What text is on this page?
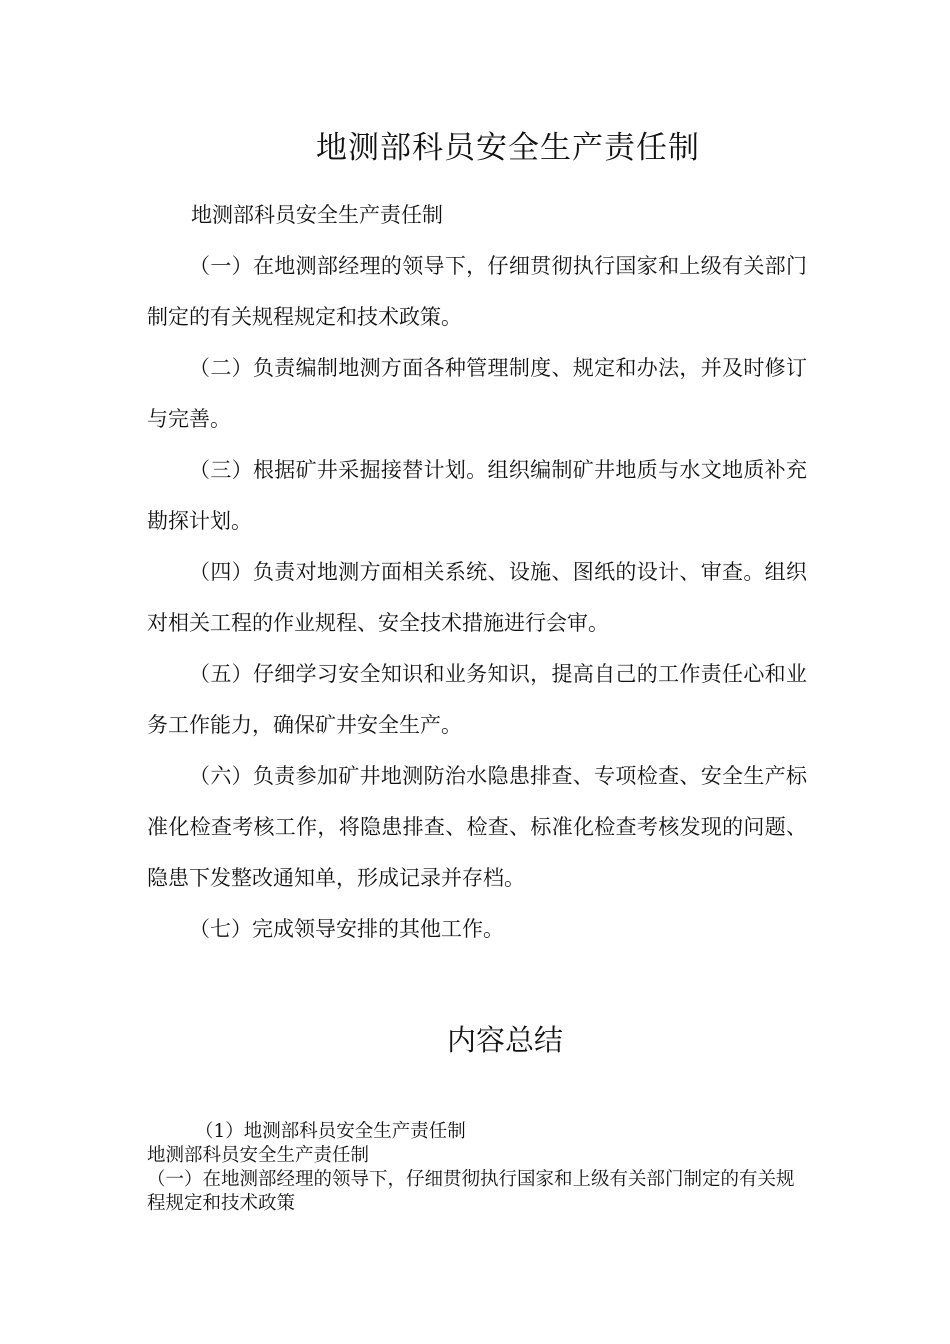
地测部科员安全生产责任制

地测部科员安全生产责任制

（一）在地测部经理的领导下，仔细贯彻执行国家和上级有关部门制定的有关规程规定和技术政策。

（二）负责编制地测方面各种管理制度、规定和办法，并及时修订与完善。

（三）根据矿井采掘接替计划。组织编制矿井地质与水文地质补充勘探计划。

（四）负责对地测方面相关系统、设施、图纸的设计、审查。组织对相关工程的作业规程、安全技术措施进行会审。

（五）仔细学习安全知识和业务知识，提高自己的工作责任心和业务工作能力，确保矿井安全生产。

（六）负责参加矿井地测防治水隐患排查、专项检查、安全生产标准化检查考核工作，将隐患排查、检查、标准化检查考核发现的问题、隐患下发整改通知单，形成记录并存档。

（七）完成领导安排的其他工作。

内容总结

（1）地测部科员安全生产责任制

地测部科员安全生产责任制

（一）在地测部经理的领导下，仔细贯彻执行国家和上级有关部门制定的有关规程规定和技术政策
